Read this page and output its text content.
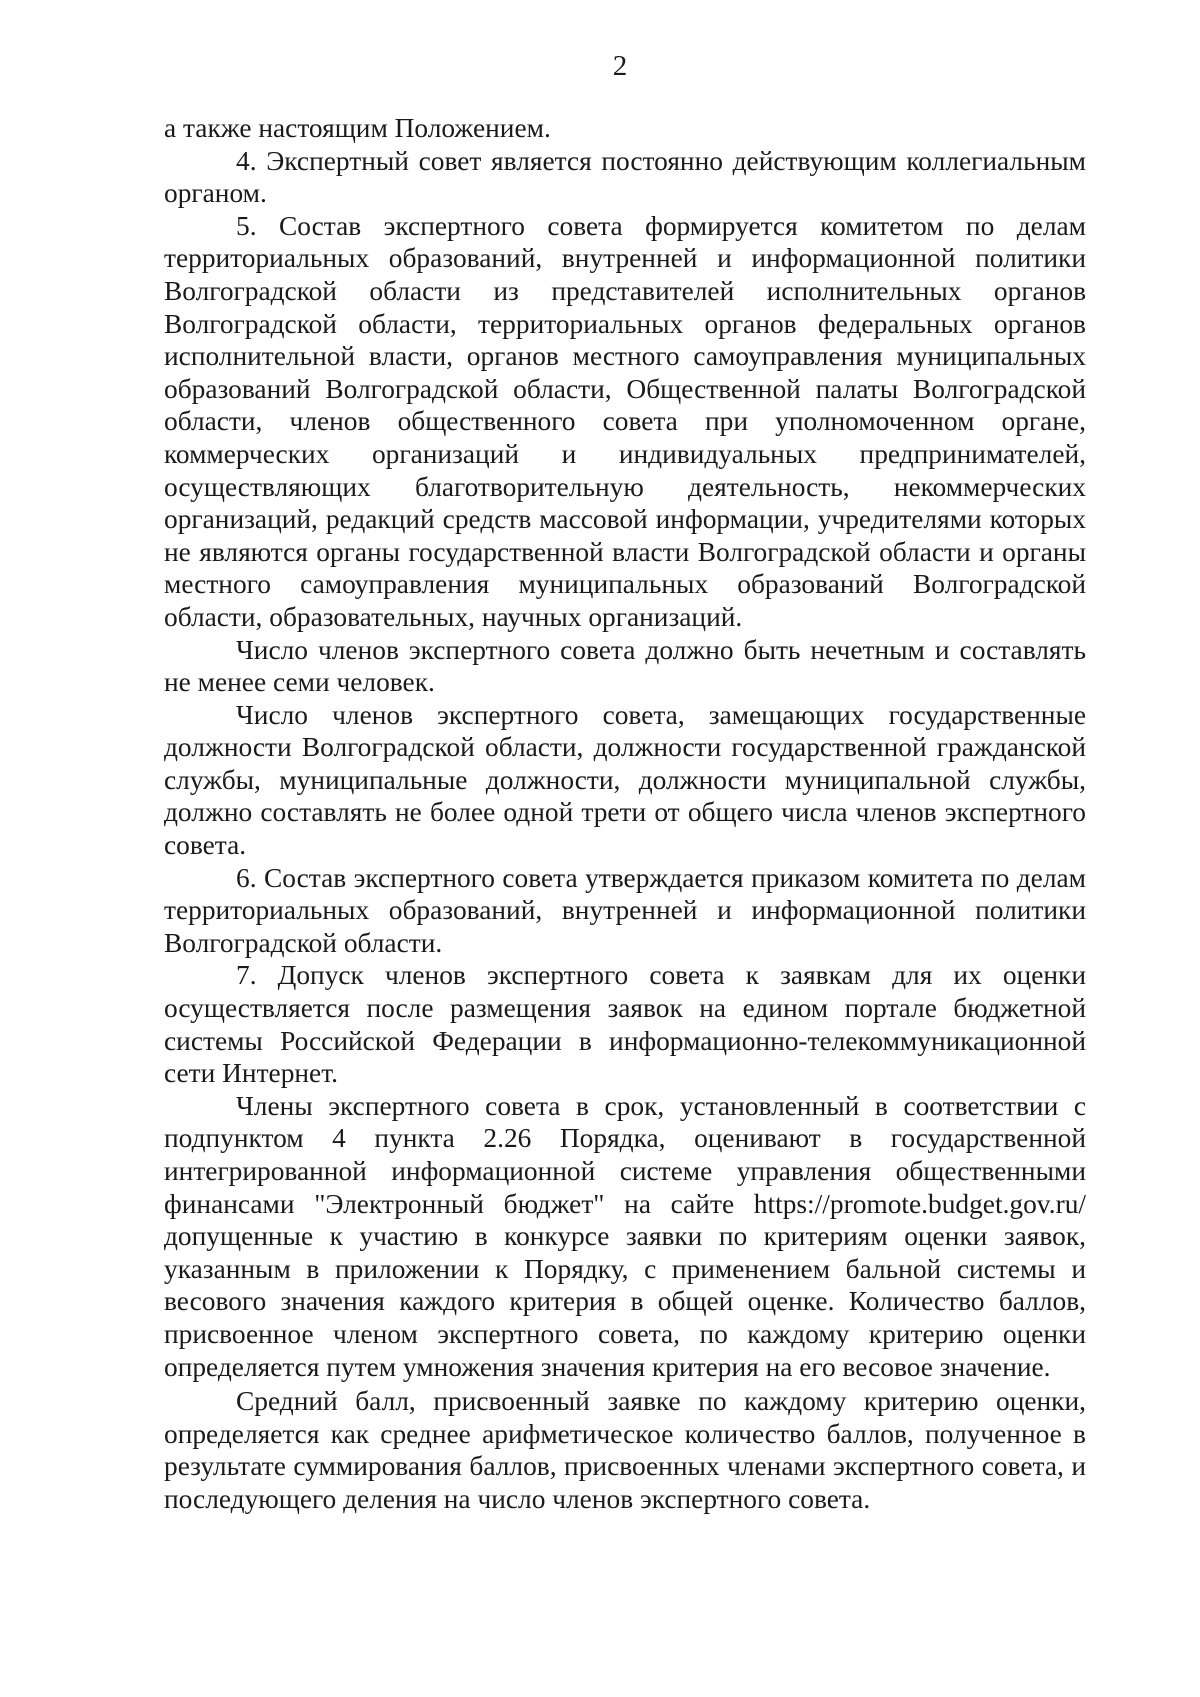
2

а также настоящим Положением.

4. Экспертный совет является постоянно действующим коллегиальным органом.

5. Состав экспертного совета формируется комитетом по делам территориальных образований, внутренней и информационной политики Волгоградской области из представителей исполнительных органов Волгоградской области, территориальных органов федеральных органов исполнительной власти, органов местного самоуправления муниципальных образований Волгоградской области, Общественной палаты Волгоградской области, членов общественного совета при уполномоченном органе, коммерческих организаций и индивидуальных предпринимателей, осуществляющих благотворительную деятельность, некоммерческих организаций, редакций средств массовой информации, учредителями которых не являются органы государственной власти Волгоградской области и органы местного самоуправления муниципальных образований Волгоградской области, образовательных, научных организаций.

Число членов экспертного совета должно быть нечетным и составлять не менее семи человек.

Число членов экспертного совета, замещающих государственные должности Волгоградской области, должности государственной гражданской службы, муниципальные должности, должности муниципальной службы, должно составлять не более одной трети от общего числа членов экспертного совета.

6. Состав экспертного совета утверждается приказом комитета по делам территориальных образований, внутренней и информационной политики Волгоградской области.

7. Допуск членов экспертного совета к заявкам для их оценки осуществляется после размещения заявок на едином портале бюджетной системы Российской Федерации в информационно-телекоммуникационной сети Интернет.

Члены экспертного совета в срок, установленный в соответствии с подпунктом 4 пункта 2.26 Порядка, оценивают в государственной интегрированной информационной системе управления общественными финансами "Электронный бюджет" на сайте https://promote.budget.gov.ru/ допущенные к участию в конкурсе заявки по критериям оценки заявок, указанным в приложении к Порядку, с применением бальной системы и весового значения каждого критерия в общей оценке. Количество баллов, присвоенное членом экспертного совета, по каждому критерию оценки определяется путем умножения значения критерия на его весовое значение.

Средний балл, присвоенный заявке по каждому критерию оценки, определяется как среднее арифметическое количество баллов, полученное в результате суммирования баллов, присвоенных членами экспертного совета, и последующего деления на число членов экспертного совета.
